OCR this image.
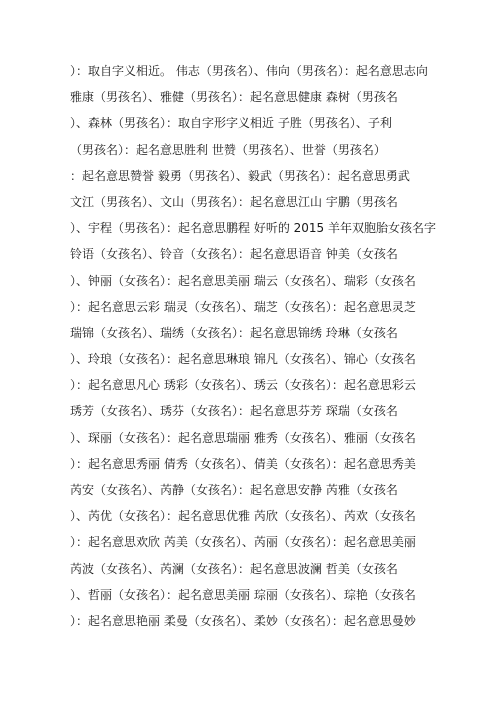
）：取自字义相近。 伟志（男孩名）、伟向（男孩名）：起名意思志向
雅康（男孩名）、雅健（男孩名）：起名意思健康 森树（男孩名
）、森林（男孩名）：取自字形字义相近 子胜（男孩名）、子利
（男孩名）：起名意思胜利 世赞（男孩名）、世誉（男孩名）
：起名意思赞誉 毅勇（男孩名）、毅武（男孩名）：起名意思勇武
文江（男孩名）、文山（男孩名）：起名意思江山 宇鹏（男孩名
）、宇程（男孩名）：起名意思鹏程 好听的 2015 羊年双胞胎女孩名字
铃语（女孩名）、铃音（女孩名）：起名意思语音 钟美（女孩名
）、钟丽（女孩名）：起名意思美丽 瑞云（女孩名）、瑞彩（女孩名
）：起名意思云彩 瑞灵（女孩名）、瑞芝（女孩名）：起名意思灵芝
瑞锦（女孩名）、瑞绣（女孩名）：起名意思锦绣 玲琳（女孩名
）、玲琅（女孩名）：起名意思琳琅 锦凡（女孩名）、锦心（女孩名
）：起名意思凡心 琇彩（女孩名）、琇云（女孩名）：起名意思彩云
琇芳（女孩名）、琇芬（女孩名）：起名意思芬芳 琛瑞（女孩名
）、琛丽（女孩名）：起名意思瑞丽 雅秀（女孩名）、雅丽（女孩名
）：起名意思秀丽 倩秀（女孩名）、倩美（女孩名）：起名意思秀美
芮安（女孩名）、芮静（女孩名）：起名意思安静 芮雅（女孩名
）、芮优（女孩名）：起名意思优雅 芮欣（女孩名）、芮欢（女孩名
）：起名意思欢欣 芮美（女孩名）、芮丽（女孩名）：起名意思美丽
芮波（女孩名）、芮澜（女孩名）：起名意思波澜 哲美（女孩名
）、哲丽（女孩名）：起名意思美丽 琮丽（女孩名）、琮艳（女孩名
）：起名意思艳丽 柔曼（女孩名）、柔妙（女孩名）：起名意思曼妙
